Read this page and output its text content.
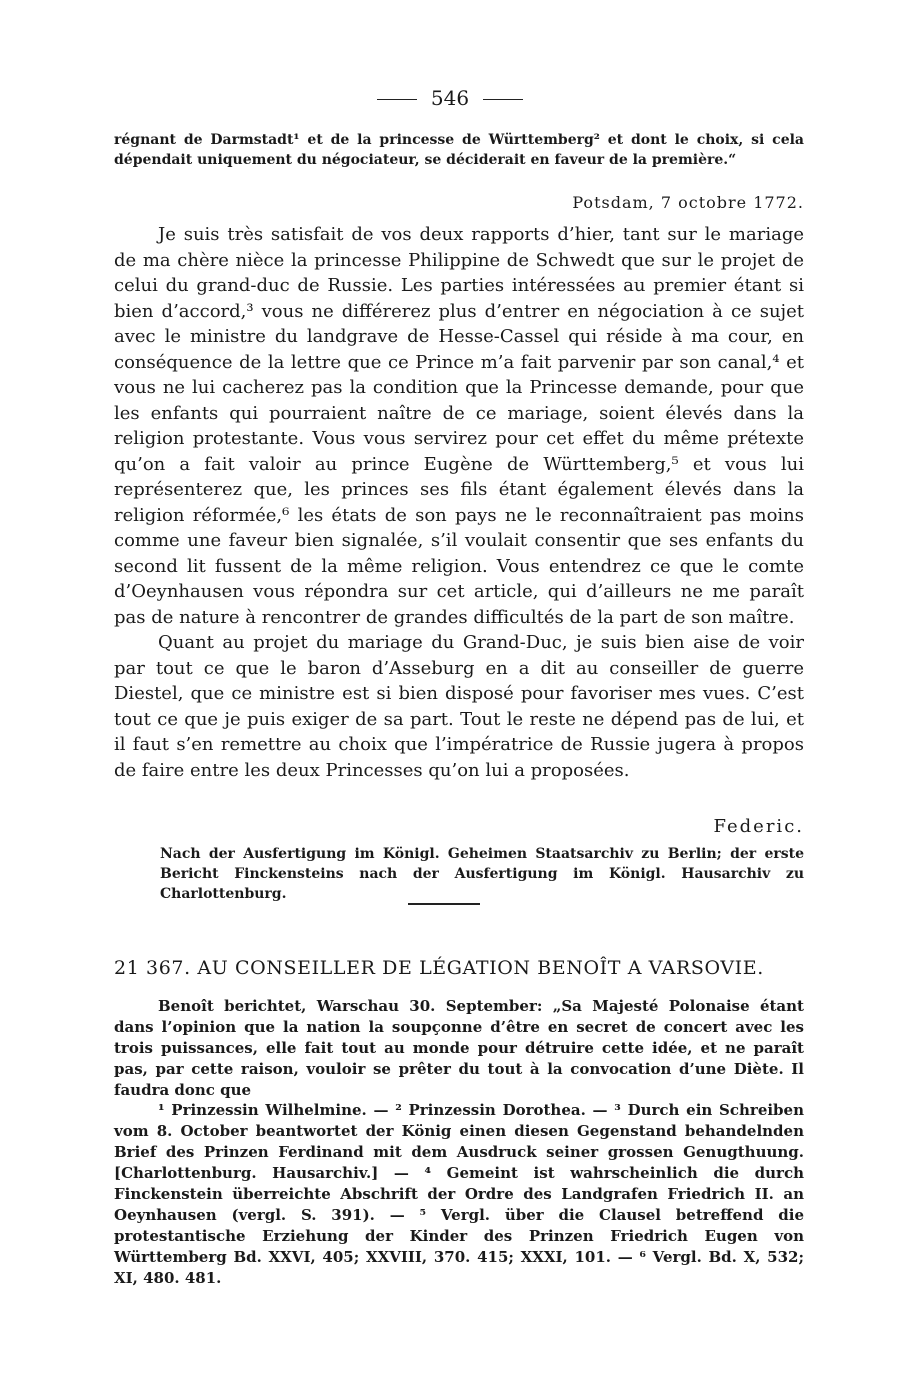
546

régnant de Darmstadt¹ et de la princesse de Württemberg² et dont le choix, si cela dépendait uniquement du négociateur, se déciderait en faveur de la première.“

Potsdam, 7 octobre 1772.

Je suis très satisfait de vos deux rapports d’hier, tant sur le mariage de ma chère nièce la princesse Philippine de Schwedt que sur le projet de celui du grand-duc de Russie. Les parties intéressées au premier étant si bien d’accord,³ vous ne différerez plus d’entrer en négociation à ce sujet avec le ministre du landgrave de Hesse-Cassel qui réside à ma cour, en conséquence de la lettre que ce Prince m’a fait parvenir par son canal,⁴ et vous ne lui cacherez pas la condition que la Princesse demande, pour que les enfants qui pourraient naître de ce mariage, soient élevés dans la religion protestante. Vous vous servirez pour cet effet du même prétexte qu’on a fait valoir au prince Eugène de Württemberg,⁵ et vous lui représenterez que, les princes ses fils étant également élevés dans la religion réformée,⁶ les états de son pays ne le reconnaîtraient pas moins comme une faveur bien signalée, s’il voulait consentir que ses enfants du second lit fussent de la même religion. Vous entendrez ce que le comte d’Oeynhausen vous répondra sur cet article, qui d’ailleurs ne me paraît pas de nature à rencontrer de grandes difficultés de la part de son maître.

Quant au projet du mariage du Grand-Duc, je suis bien aise de voir par tout ce que le baron d’Asseburg en a dit au conseiller de guerre Diestel, que ce ministre est si bien disposé pour favoriser mes vues. C’est tout ce que je puis exiger de sa part. Tout le reste ne dépend pas de lui, et il faut s’en remettre au choix que l’impératrice de Russie jugera à propos de faire entre les deux Princesses qu’on lui a proposées.

Federic.

Nach der Ausfertigung im Königl. Geheimen Staatsarchiv zu Berlin; der erste Bericht Finckensteins nach der Ausfertigung im Königl. Hausarchiv zu Charlottenburg.

21 367. AU CONSEILLER DE LÉGATION BENOÎT A VARSOVIE.

Benoît berichtet, Warschau 30. September: „Sa Majesté Polonaise étant dans l’opinion que la nation la soupçonne d’être en secret de concert avec les trois puissances, elle fait tout au monde pour détruire cette idée, et ne paraît pas, par cette raison, vouloir se prêter du tout à la convocation d’une Diète. Il faudra donc que

¹ Prinzessin Wilhelmine. — ² Prinzessin Dorothea. — ³ Durch ein Schreiben vom 8. October beantwortet der König einen diesen Gegenstand behandelnden Brief des Prinzen Ferdinand mit dem Ausdruck seiner grossen Genugthuung. [Charlottenburg. Hausarchiv.] — ⁴ Gemeint ist wahrscheinlich die durch Finckenstein überreichte Abschrift der Ordre des Landgrafen Friedrich II. an Oeynhausen (vergl. S. 391). — ⁵ Vergl. über die Clausel betreffend die protestantische Erziehung der Kinder des Prinzen Friedrich Eugen von Württemberg Bd. XXVI, 405; XXVIII, 370. 415; XXXI, 101. — ⁶ Vergl. Bd. X, 532; XI, 480. 481.
